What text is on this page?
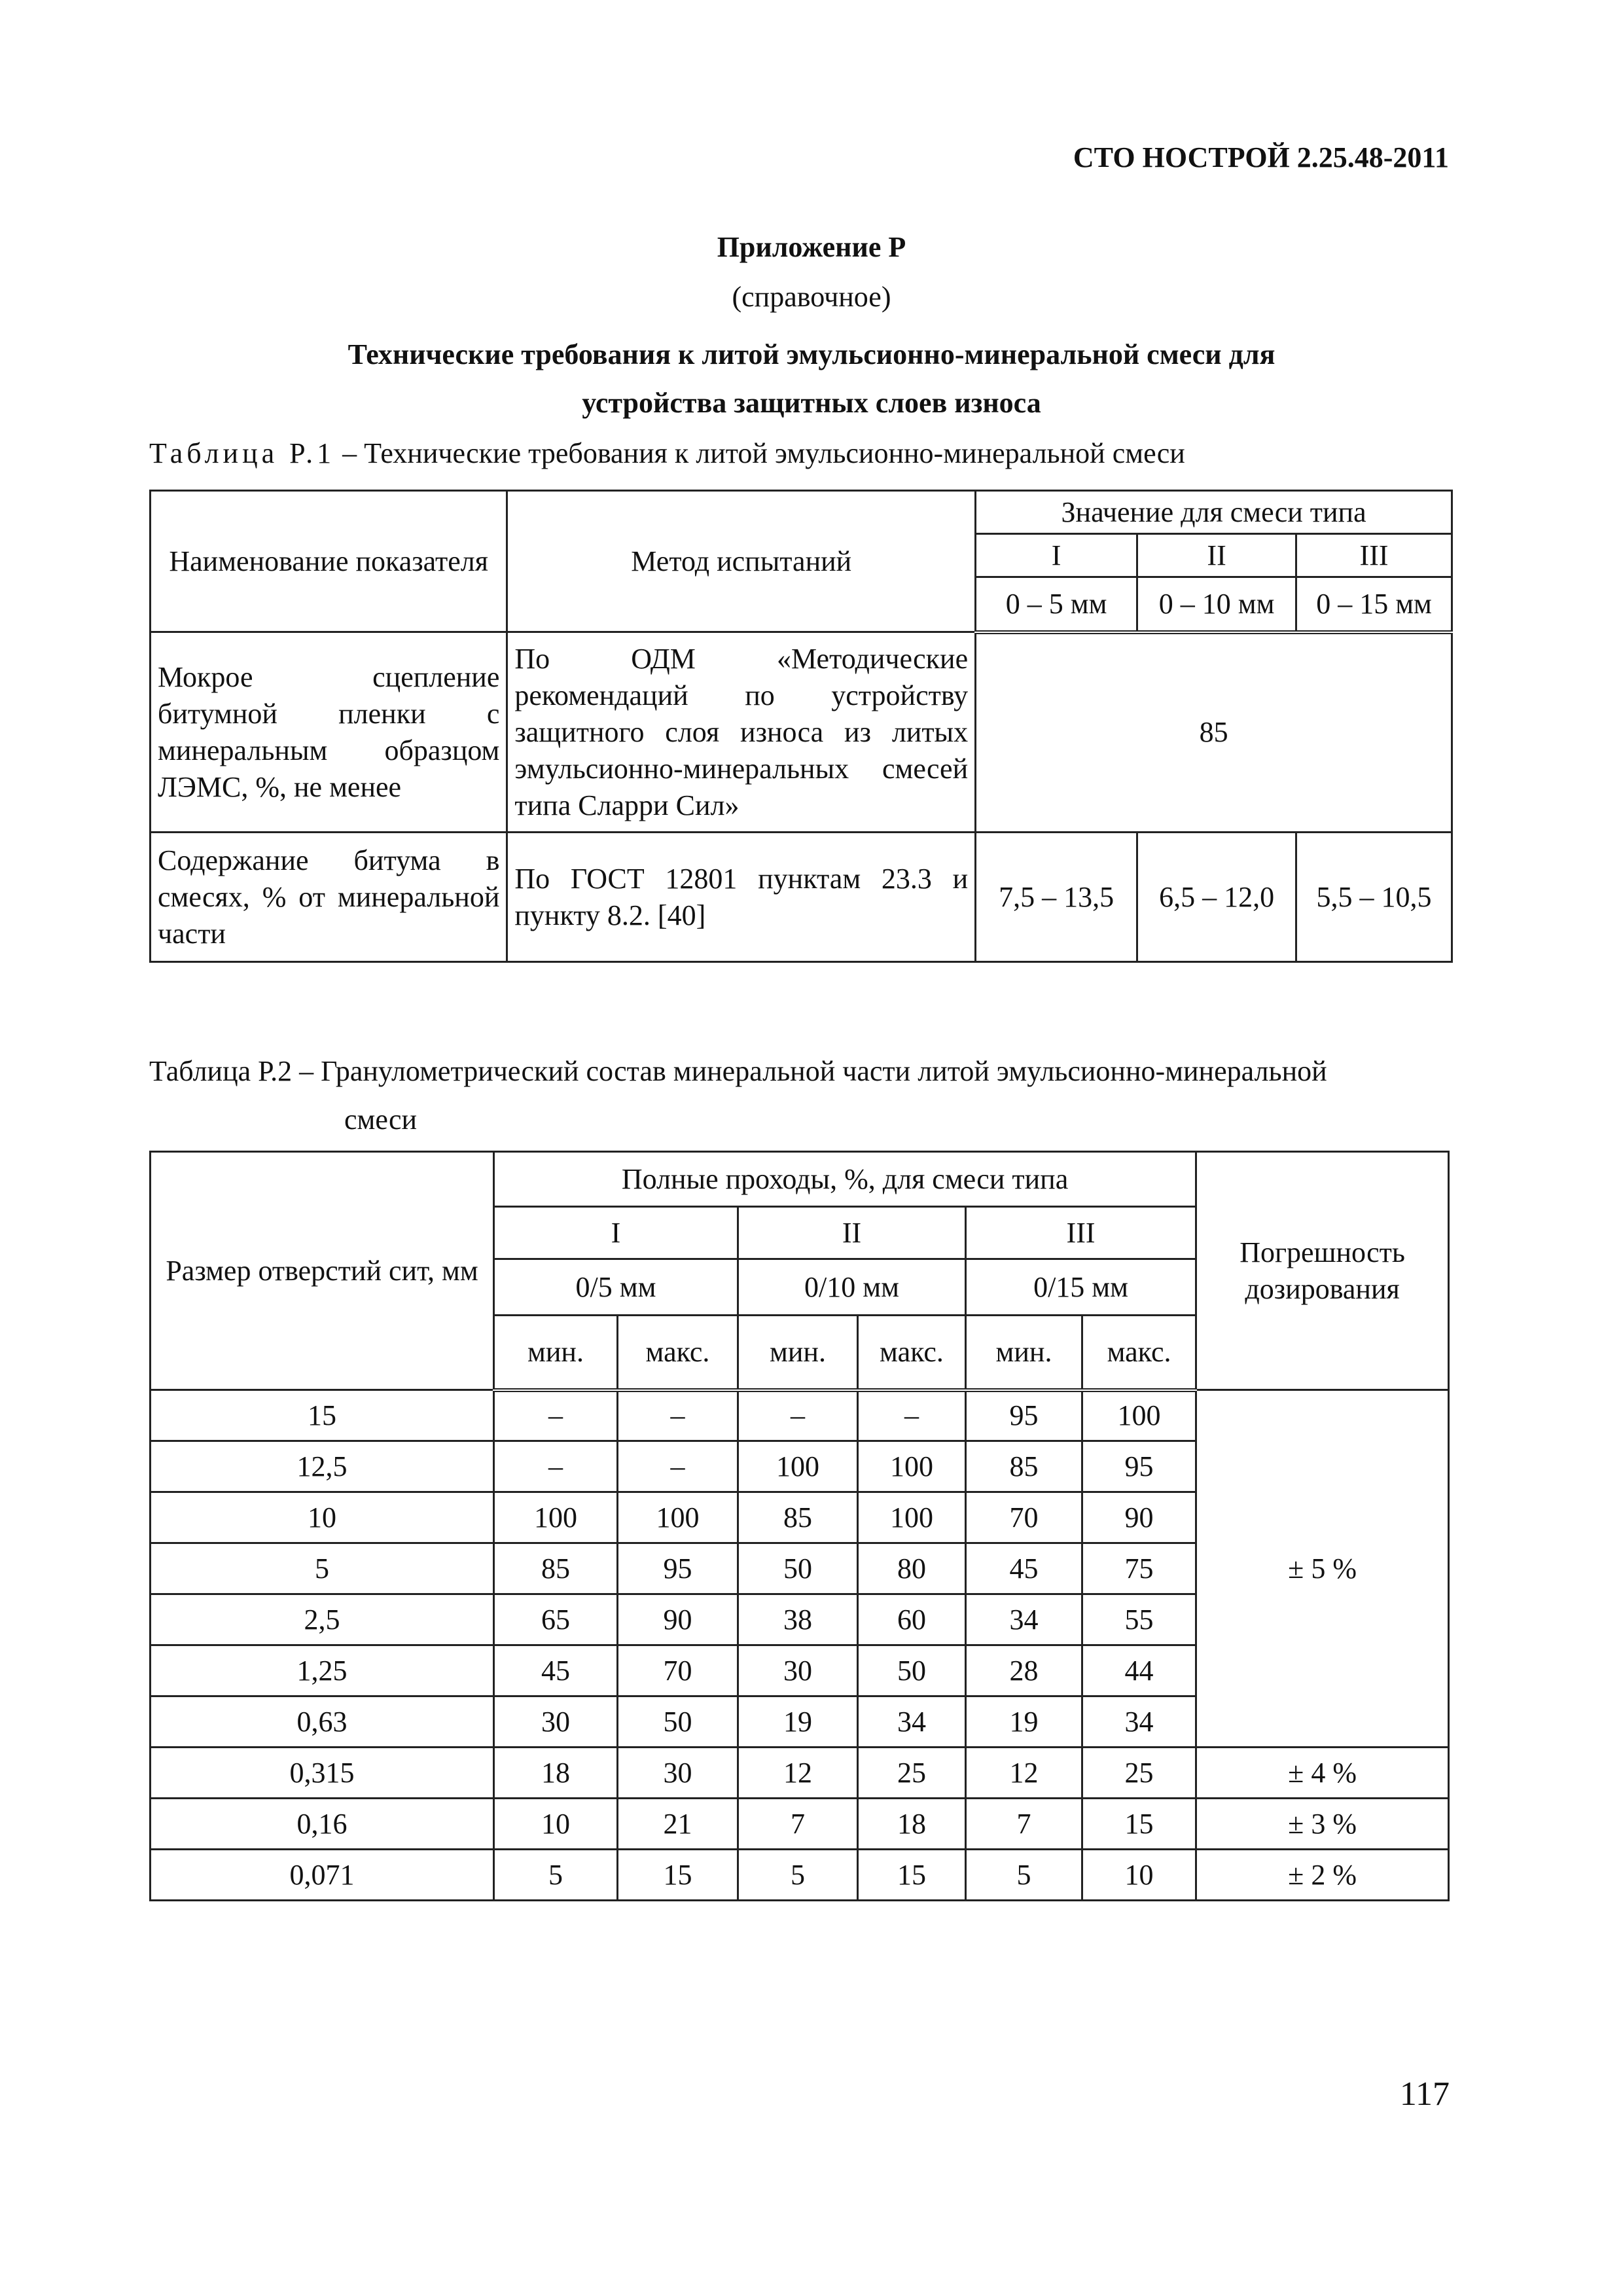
СТО НОСТРОЙ 2.25.48-2011
Приложение Р
(справочное)
Технические требования к литой эмульсионно-минеральной смеси для
устройства защитных слоев износа
Таблица Р.1 – Технические требования к литой эмульсионно-минеральной смеси
Наименование показателя	Метод испытаний	Значение для смеси типа		
		I	II	III
		0 – 5 мм	0 – 10 мм	0 – 15 мм
Мокрое сцепление битумной пленки с минеральным образцом ЛЭМС, %, не менее	По ОДМ «Методические рекомендаций по устройству защитного слоя износа из литых эмульсионно-минеральных смесей типа Сларри Сил»	85		
Содержание битума в смесях, % от минеральной части	По ГОСТ 12801 пунктам 23.3 и пункту 8.2. [40]	7,5 – 13,5	6,5 – 12,0	5,5 – 10,5
Таблица Р.2 – Гранулометрический состав минеральной части литой эмульсионно-минеральной
смеси
Размер отверстий сит, мм	Полные проходы, %, для смеси типа						Погрешность дозирования
	I		II		III		
	0/5 мм		0/10 мм		0/15 мм		
	мин.	макс.	мин.	макс.	мин.	макс.	
15	–	–	–	–	95	100	± 5 %
12,5	–	–	100	100	85	95	
10	100	100	85	100	70	90	
5	85	95	50	80	45	75	
2,5	65	90	38	60	34	55	
1,25	45	70	30	50	28	44	
0,63	30	50	19	34	19	34	
0,315	18	30	12	25	12	25	± 4 %
0,16	10	21	7	18	7	15	± 3 %
0,071	5	15	5	15	5	10	± 2 %
117
